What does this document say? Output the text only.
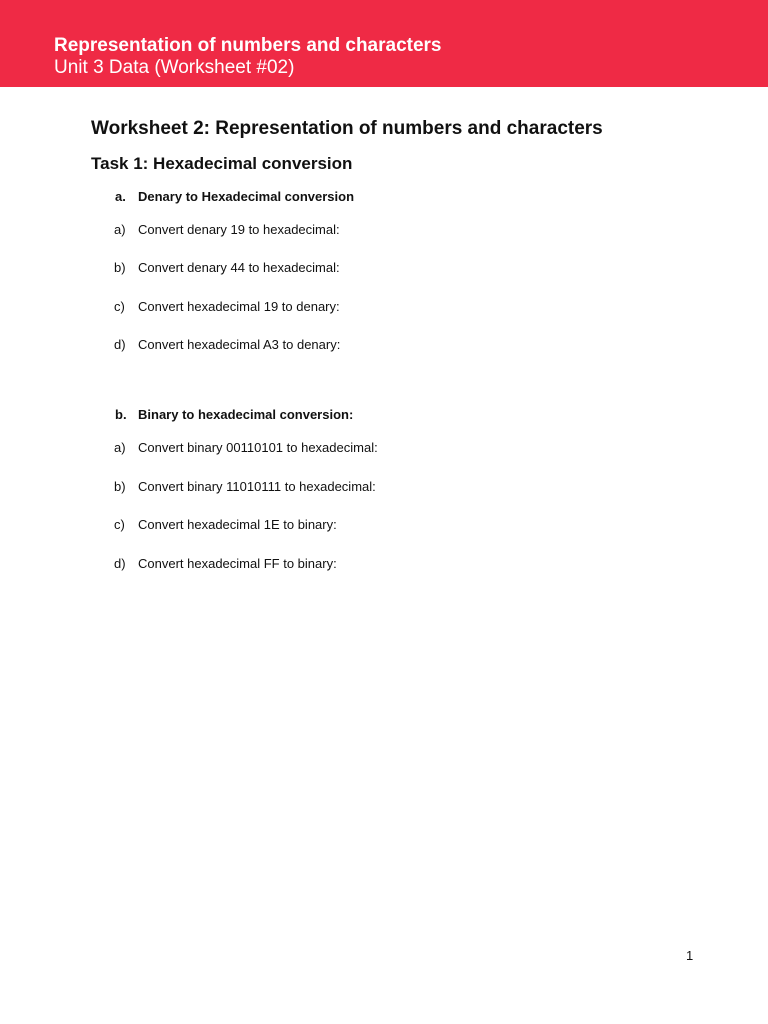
Representation of numbers and characters
Unit 3 Data (Worksheet #02)
Worksheet 2: Representation of numbers and characters
Task 1: Hexadecimal conversion
a. Denary to Hexadecimal conversion
a) Convert denary 19 to hexadecimal:
b) Convert denary 44 to hexadecimal:
c) Convert hexadecimal 19 to denary:
d) Convert hexadecimal A3 to denary:
b. Binary to hexadecimal conversion:
a) Convert binary 00110101 to hexadecimal:
b) Convert binary 11010111 to hexadecimal:
c) Convert hexadecimal 1E to binary:
d) Convert hexadecimal FF to binary:
1
